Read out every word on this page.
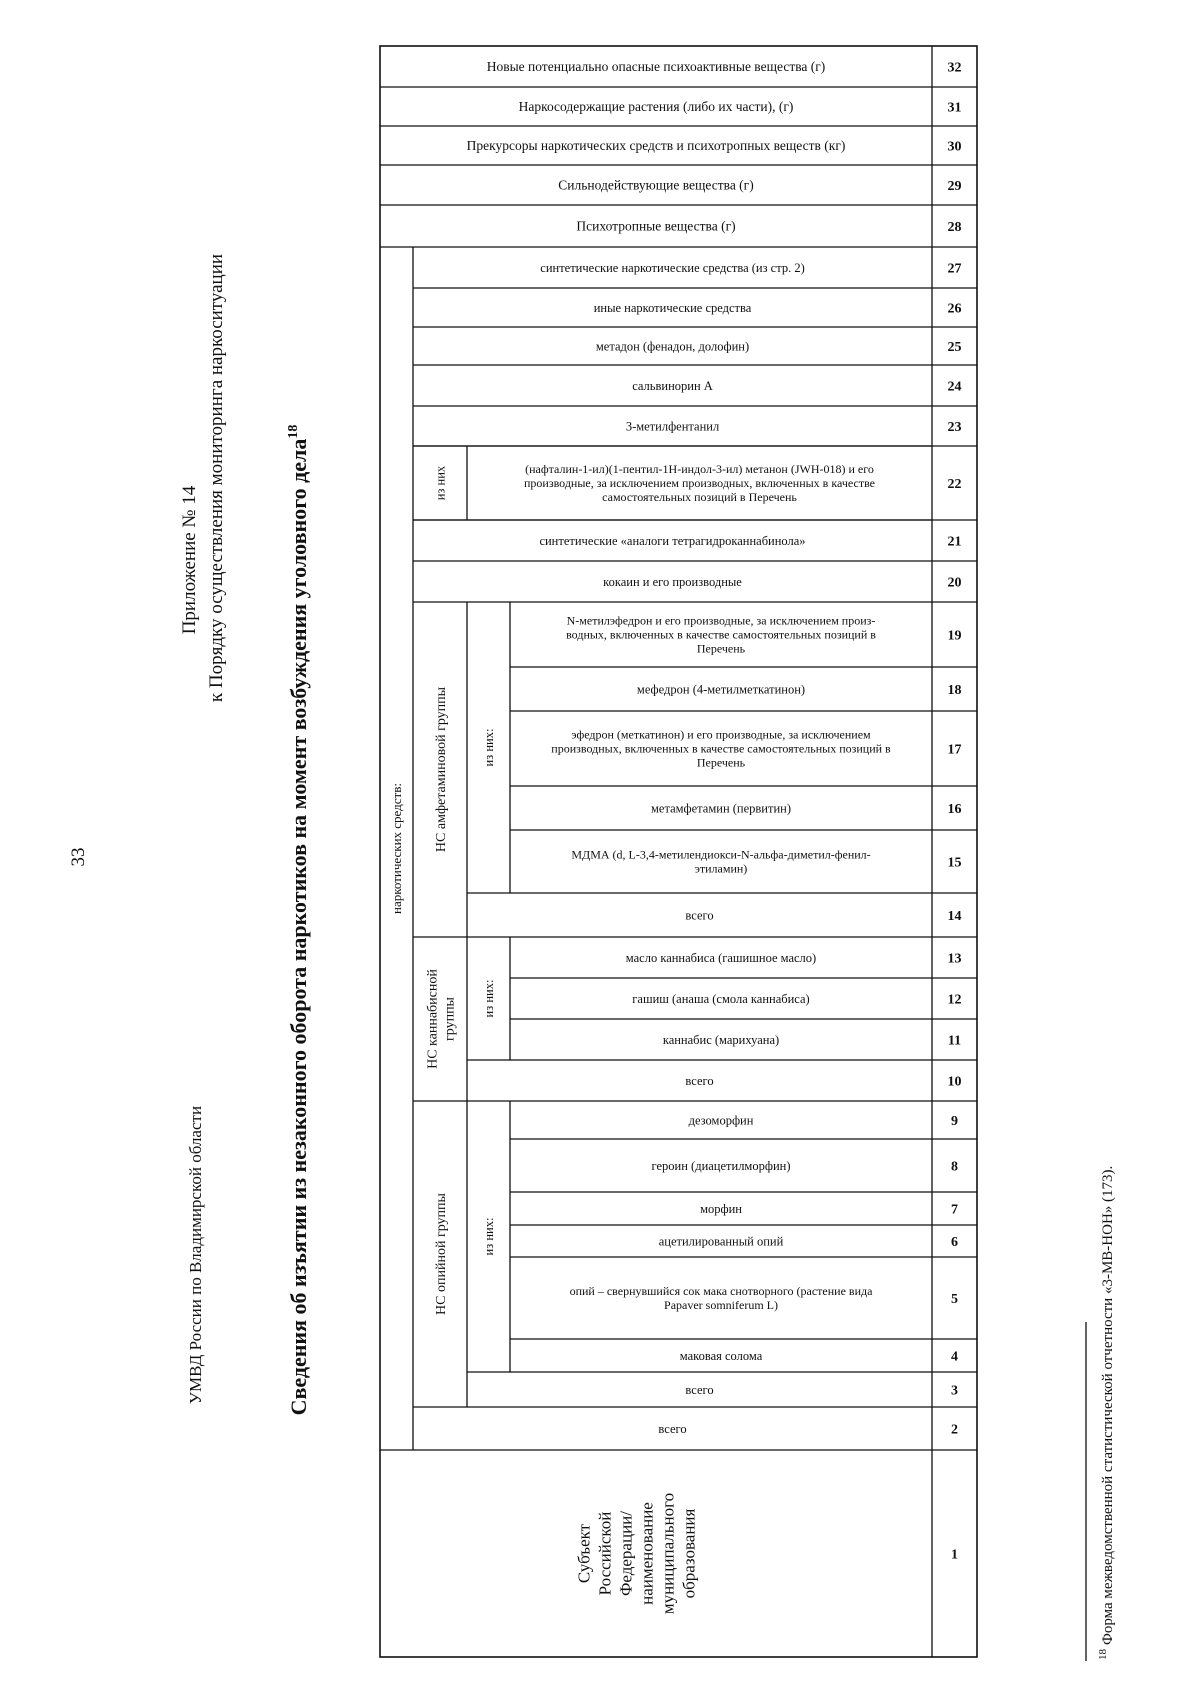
33
УМВД России по Владимирской области
Приложение № 14 к Порядку осуществления мониторинга наркоситуации	Сведения об изъятии из незаконного оборота наркотиков на момент возбуждения уголовного дела$^{18}$
Субъект Российской Федерации/ наименование муниципального образования
наркотических средств:
НС опийной группы
НС каннабисной группы
НС амфетаминовой группы
из них:
из них:
из них:
из них
всего
всего
маковая солома
опий – свернувшийся сок мака снотворного (растение вида Papaver somniferum L)
ацетилированный опий
морфин
героин (диацетилморфин)
дезоморфин
всего
каннабис (марихуана)
гашиш (анаша (смола каннабиса)
масло каннабиса (гашишное масло)
всего
МДМА (d, L-3,4-метилендиокси-N-альфа-диметил-фенил-этиламин)
метамфетамин (первитин)
эфедрон (меткатинон) и его производные, за исключением производных, включенных в качестве самостоятельных позиций в Перечень
мефедрон (4-метилметкатинон)
N-метилэфедрон и его производные, за исключением произ-водных, включенных в качестве самостоятельных позиций в Перечень
кокаин и его производные
синтетические «аналоги тетрагидроканнабинола»
(нафталин-1-ил)(1-пентил-1Н-индол-3-ил) метанон (JWH-018) и его производные, за исключением производных, включенных в качестве самостоятельных позиций в Перечень
3-метилфентанил
сальвинорин А
метадон (фенадон, долофин)
иные наркотические средства
синтетические наркотические средства (из стр. 2)
Психотропные вещества (г)
Сильнодействующие вещества (г)
Прекурсоры наркотических средств и психотропных веществ (кг)
Наркосодержащие растения (либо их части), (г)
Новые потенциально опасные психоактивные вещества (г)
1
2
3
4
5
6
7
8
9
10
11
12
13
14
15
16
17
18
19
20
21
22
23
24
25
26
27
28
29
30
31
32
$^{18}$Форма межведомственной статистической отчетности «3-МВ-НОН» (173).
